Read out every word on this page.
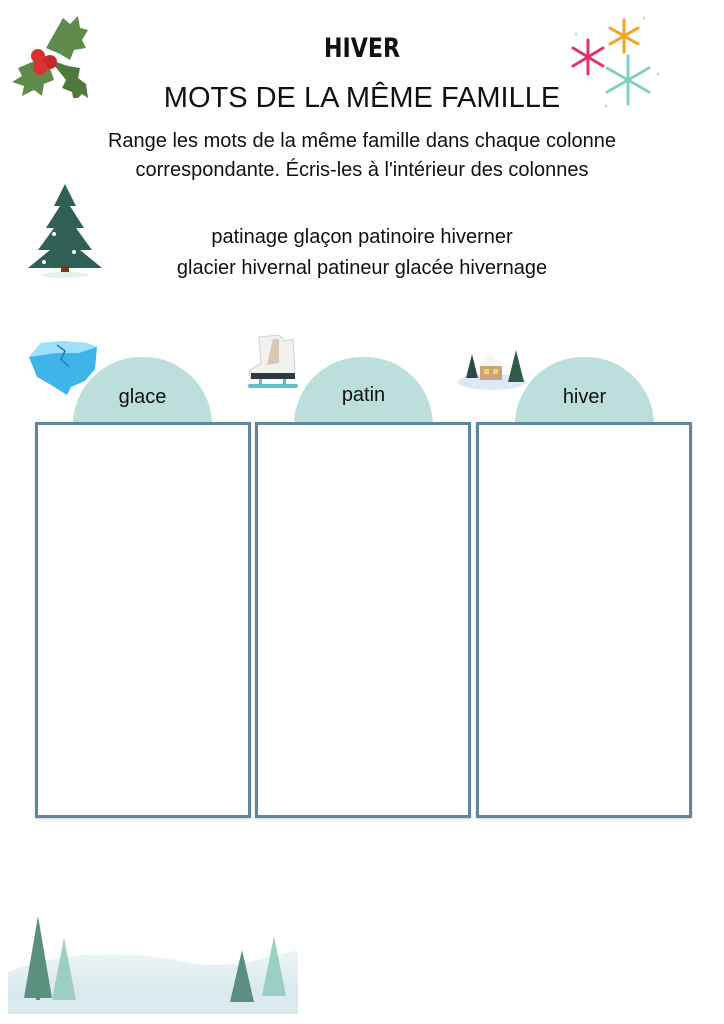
HIVER
MOTS DE LA MÊME FAMILLE
Range les mots de la même famille dans chaque colonne
correspondante. Écris-les à l'intérieur des colonnes
patinage glaçon patinoire hiverner
glacier hivernal patineur glacée hivernage
glace	patin	hiver
